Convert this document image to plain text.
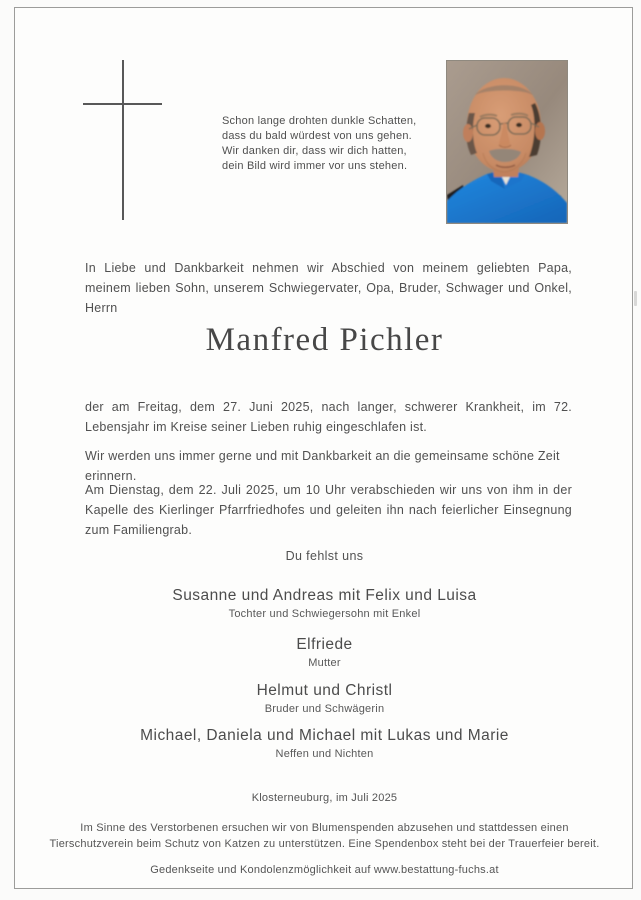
Schon lange drohten dunkle Schatten,
dass du bald würdest von uns gehen.
Wir danken dir, dass wir dich hatten,
dein Bild wird immer vor uns stehen.
In Liebe und Dankbarkeit nehmen wir Abschied von meinem geliebten Papa, meinem lieben Sohn, unserem Schwiegervater, Opa, Bruder, Schwager und Onkel, Herrn
Manfred Pichler
der am Freitag, dem 27. Juni 2025, nach langer, schwerer Krankheit, im 72. Lebensjahr im Kreise seiner Lieben ruhig eingeschlafen ist.
Wir werden uns immer gerne und mit Dankbarkeit an die gemeinsame schöne Zeit erinnern.
Am Dienstag, dem 22. Juli 2025, um 10 Uhr verabschieden wir uns von ihm in der Kapelle des Kierlinger Pfarrfriedhofes und geleiten ihn nach feierlicher Einsegnung zum Familiengrab.
Du fehlst uns
Susanne und Andreas mit Felix und Luisa
Tochter und Schwiegersohn mit Enkel
Elfriede
Mutter
Helmut und Christl
Bruder und Schwägerin
Michael, Daniela und Michael mit Lukas und Marie
Neffen und Nichten
Klosterneuburg, im Juli 2025
Im Sinne des Verstorbenen ersuchen wir von Blumenspenden abzusehen und stattdessen einen Tierschutzverein beim Schutz von Katzen zu unterstützen. Eine Spendenbox steht bei der Trauerfeier bereit.
Gedenkseite und Kondolenzmöglichkeit auf www.bestattung-fuchs.at
